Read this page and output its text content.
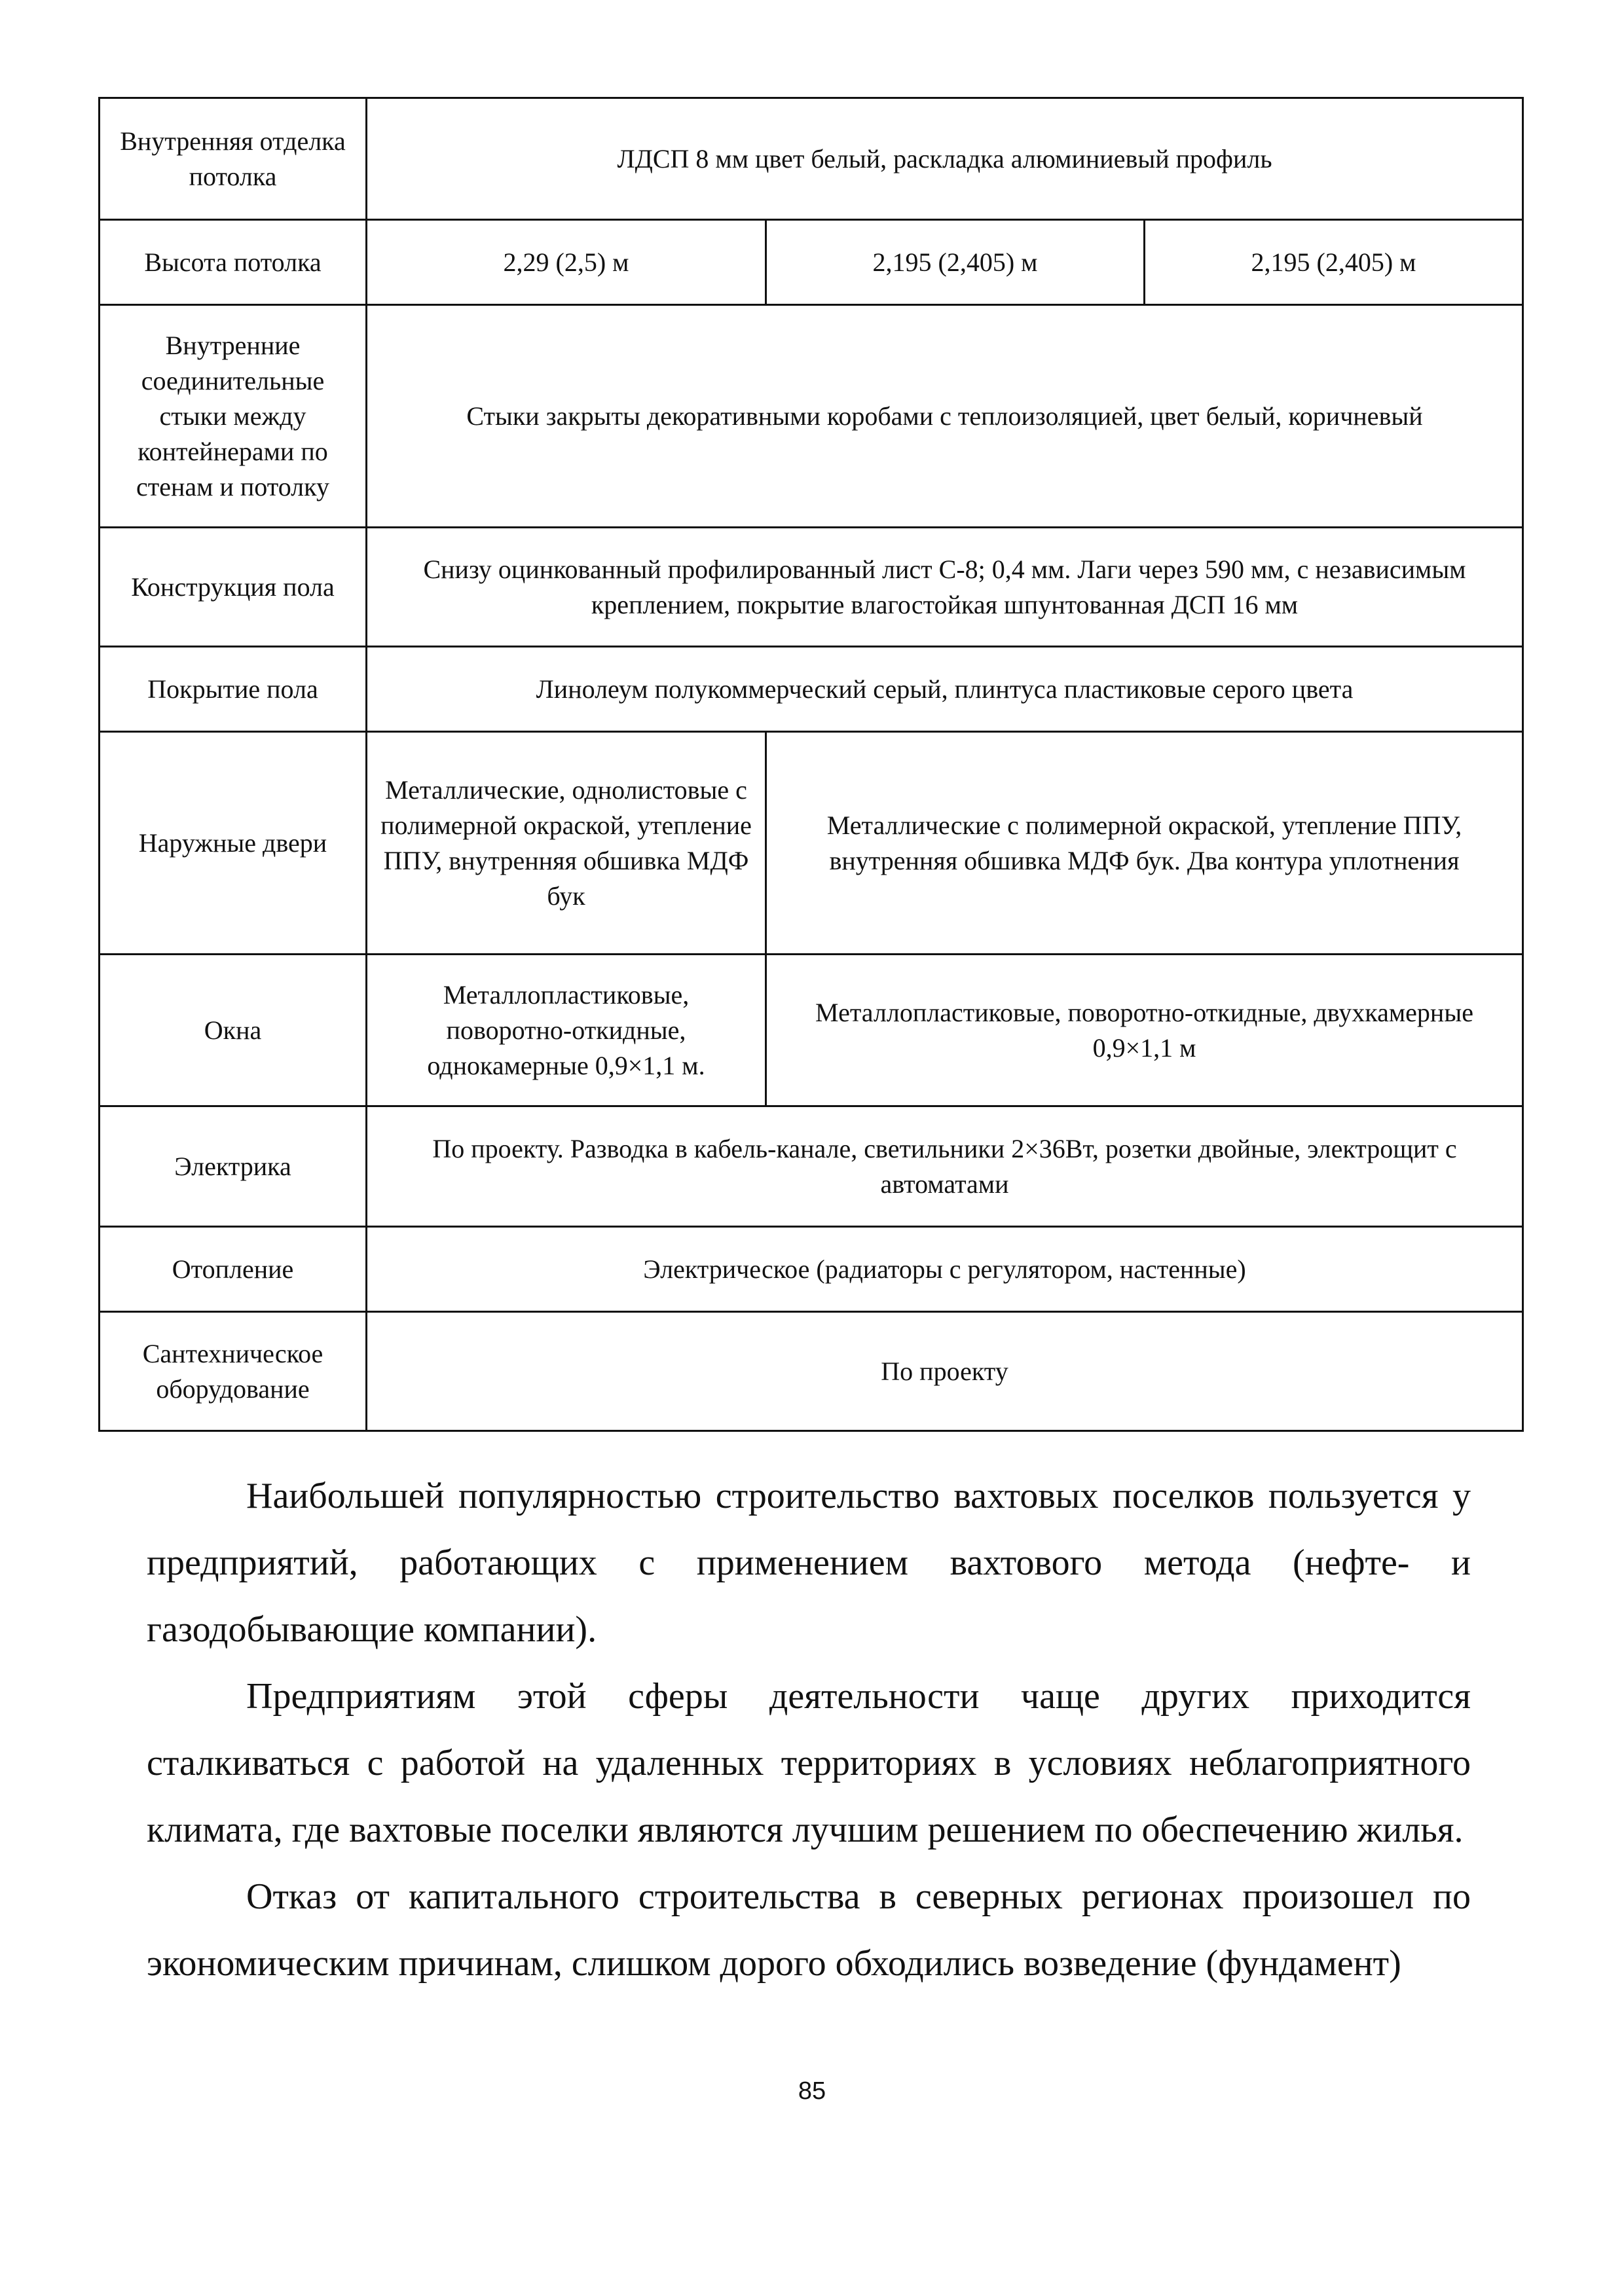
Внутренняя отделка потолка	ЛДСП 8 мм цвет белый, раскладка алюминиевый профиль		
Высота потолка	2,29 (2,5) м	2,195 (2,405) м	2,195 (2,405) м
Внутренние соединительные стыки между контейнерами по стенам и потолку	Стыки закрыты декоративными коробами с теплоизоляцией, цвет белый, коричневый		
Конструкция пола	Снизу оцинкованный профилированный лист С-8; 0,4 мм. Лаги через 590 мм, с независимым креплением, покрытие влагостойкая шпунтованная ДСП 16 мм		
Покрытие пола	Линолеум полукоммерческий серый, плинтуса пластиковые серого цвета		
Наружные двери	Металлические, однолистовые с полимерной окраской, утепление ППУ, внутренняя обшивка МДФ бук	Металлические с полимерной окраской, утепление ППУ, внутренняя обшивка МДФ бук. Два контура уплотнения	
Окна	Металлопластиковые, поворотно-откидные, однокамерные 0,9×1,1 м.	Металлопластиковые, поворотно-откидные, двухкамерные 0,9×1,1 м	
Электрика	По проекту. Разводка в кабель-канале, светильники 2×36Вт, розетки двойные, электрощит с автоматами		
Отопление	Электрическое (радиаторы с регулятором, настенные)		
Сантехническое оборудование	По проекту		

Наибольшей популярностью строительство вахтовых поселков пользуется у предприятий, работающих с применением вахтового метода (нефте- и газодобывающие компании).

Предприятиям этой сферы деятельности чаще других приходится сталкиваться с работой на удаленных территориях в условиях неблагоприятного климата, где вахтовые поселки являются лучшим решением по обеспечению жилья.

Отказ от капитального строительства в северных регионах произошел по экономическим причинам, слишком дорого обходились возведение (фундамент)

85
